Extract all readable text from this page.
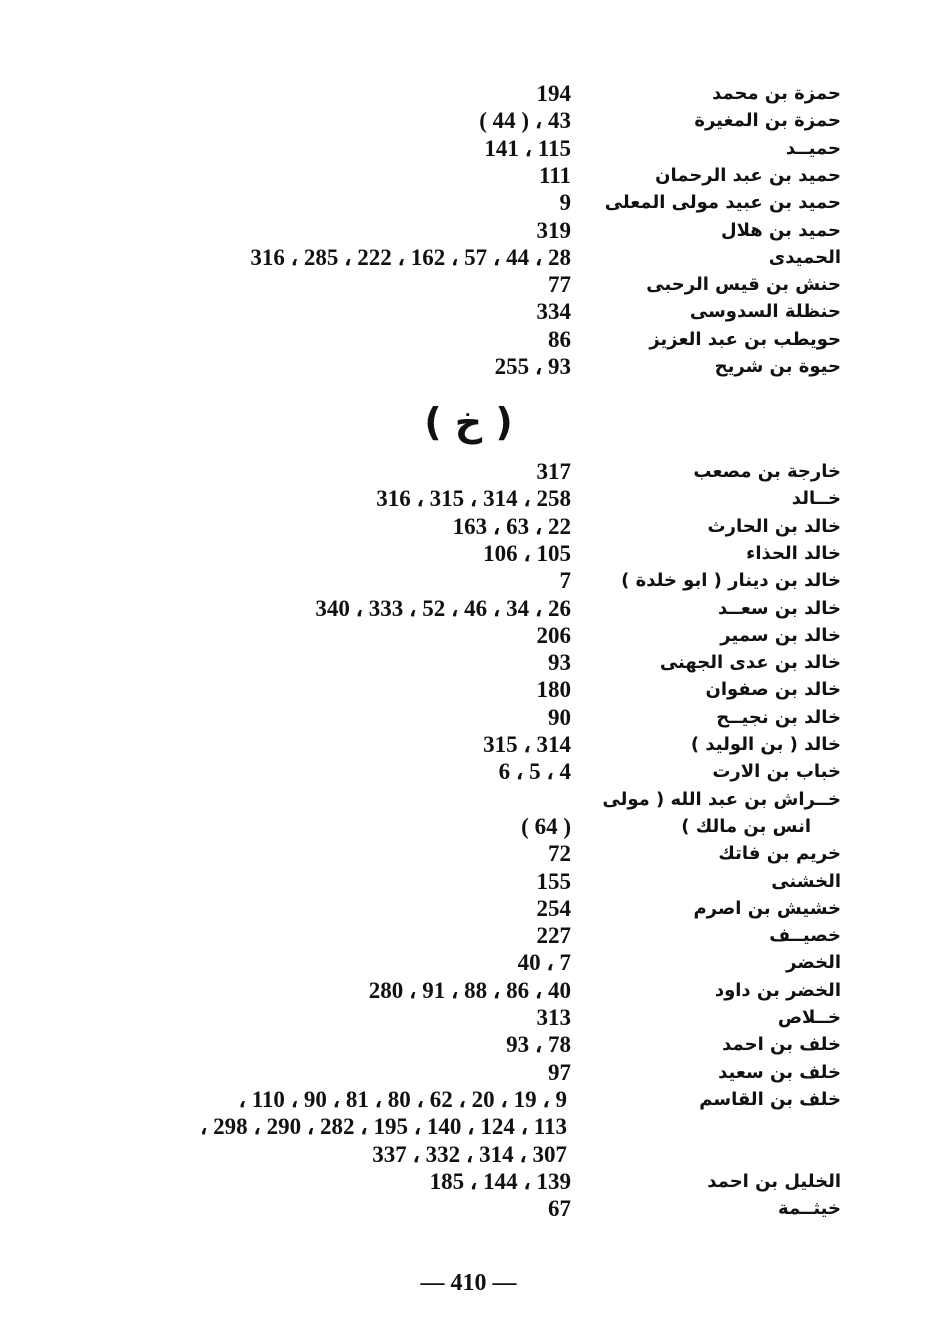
حمزة بن محمد
194
حمزة بن المغيرة
43 ، ( 44 )
حميــد
115 ، 141
حميد بن عبد الرحمان
111
حميد بن عبيد مولى المعلى
9
حميد بن هلال
319
الحميدى
28 ، 44 ، 57 ، 162 ، 222 ، 285 ، 316
حنش بن قيس الرحبى
77
حنظلة السدوسى
334
حويطب بن عبد العزيز
86
حيوة بن شريح
93 ، 255
( خ )
خارجة بن مصعب
317
خــالد
258 ، 314 ، 315 ، 316
خالد بن الحارث
22 ، 63 ، 163
خالد الحذاء
105 ، 106
خالد بن دينار ( ابو خلدة )
7
خالد بن سعــد
26 ، 34 ، 46 ، 52 ، 333 ، 340
خالد بن سمير
206
خالد بن عدى الجهنى
93
خالد بن صفوان
180
خالد بن نجيــح
90
خالد ( بن الوليد )
314 ، 315
خباب بن الارت
4 ، 5 ، 6
خــراش بن عبد الله ( مولى
انس بن مالك )
( 64 )
خريم بن فاتك
72
الخشنى
155
خشيش بن اصرم
254
خصيــف
227
الخضر
7 ، 40
الخضر بن داود
40 ، 86 ، 88 ، 91 ، 280
خــلاص
313
خلف بن احمد
78 ، 93
خلف بن سعيد
97
خلف بن القاسم
9 ، 19 ، 20 ، 62 ، 80 ، 81 ، 90 ، 110 ،
113 ، 124 ، 140 ، 195 ، 282 ، 290 ، 298 ،
307 ، 314 ، 332 ، 337
الخليل بن احمد
139 ، 144 ، 185
خيثــمة
67
— 410 —
